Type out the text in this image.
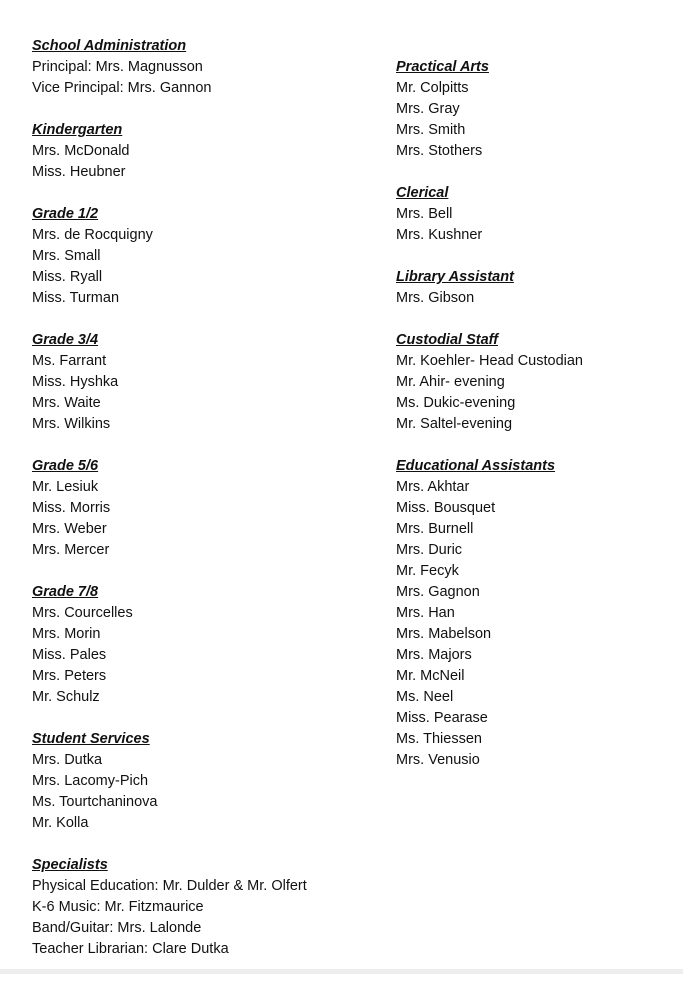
School Administration
Principal: Mrs. Magnusson
Vice Principal: Mrs. Gannon
Kindergarten
Mrs. McDonald
Miss. Heubner
Grade 1/2
Mrs. de Rocquigny
Mrs. Small
Miss. Ryall
Miss. Turman
Grade 3/4
Ms. Farrant
Miss. Hyshka
Mrs. Waite
Mrs. Wilkins
Grade 5/6
Mr. Lesiuk
Miss. Morris
Mrs. Weber
Mrs. Mercer
Grade 7/8
Mrs. Courcelles
Mrs. Morin
Miss. Pales
Mrs. Peters
Mr. Schulz
Student Services
Mrs. Dutka
Mrs. Lacomy-Pich
Ms. Tourtchaninova
Mr. Kolla
Specialists
Physical Education: Mr. Dulder & Mr. Olfert
K-6 Music: Mr. Fitzmaurice
Band/Guitar: Mrs. Lalonde
Teacher Librarian: Clare Dutka
Practical Arts
Mr. Colpitts
Mrs. Gray
Mrs. Smith
Mrs. Stothers
Clerical
Mrs. Bell
Mrs. Kushner
Library Assistant
Mrs. Gibson
Custodial Staff
Mr. Koehler- Head Custodian
Mr. Ahir- evening
Ms. Dukic-evening
Mr. Saltel-evening
Educational Assistants
Mrs. Akhtar
Miss. Bousquet
Mrs. Burnell
Mrs. Duric
Mr. Fecyk
Mrs. Gagnon
Mrs. Han
Mrs. Mabelson
Mrs. Majors
Mr. McNeil
Ms. Neel
Miss. Pearase
Ms. Thiessen
Mrs. Venusio
